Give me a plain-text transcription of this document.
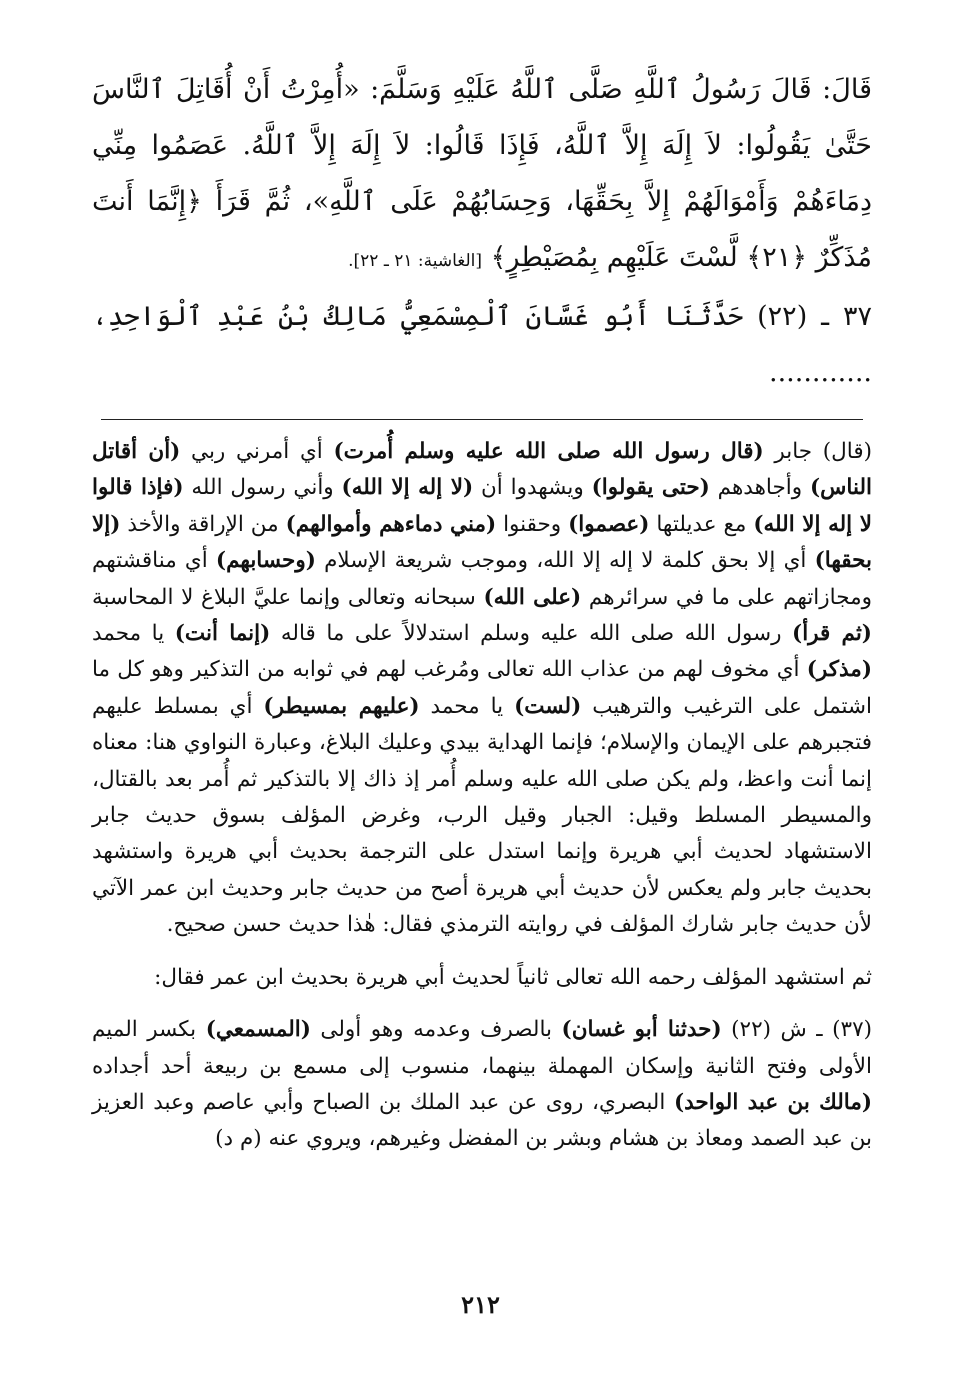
قَالَ: قَالَ رَسُولُ ٱللَّهِ صَلَّى ٱللَّهُ عَلَيْهِ وَسَلَّمَ: «أُمِرْتُ أَنْ أُقَاتِلَ ٱلنَّاسَ حَتَّىٰ يَقُولُوا: لاَ إِلَهَ إِلاَّ ٱللَّهُ، فَإِذَا قَالُوا: لاَ إِلَهَ إِلاَّ ٱللَّهُ. عَصَمُوا مِنِّي دِمَاءَهُمْ وَأَمْوَالَهُمْ إِلاَّ بِحَقِّهَا، وَحِسَابُهُمْ عَلَى ٱللَّهِ»، ثُمَّ قَرَأَ ﴿إِنَّمَا أَنتَ مُذَكِّرٌ ﴿٢١﴾ لَّسْتَ عَلَيْهِم بِمُصَيْطِرٍ﴾ [الغاشية: ٢١ ـ ٢٢].

٣٧ ـ (٢٢) حَدَّثَنَا أَبُو غَسَّانَ ٱلْمِسْمَعِيُّ مَالِكُ بْنُ عَبْدِ ٱلْوَاحِدِ، ............

(قال) جابر (قال رسول الله صلى الله عليه وسلم أُمرت) أي أمرني ربي (أن أقاتل الناس) وأجاهدهم (حتى يقولوا) ويشهدوا أن (لا إله إلا الله) وأني رسول الله (فإذا قالوا لا إله إلا الله) مع عديلتها (عصموا) وحقنوا (مني دماءهم وأموالهم) من الإراقة والأخذ (إلا بحقها) أي إلا بحق كلمة لا إله إلا الله، وموجب شريعة الإسلام (وحسابهم) أي مناقشتهم ومجازاتهم على ما في سرائرهم (على الله) سبحانه وتعالى وإنما عليَّ البلاغ لا المحاسبة (ثم قرأ) رسول الله صلى الله عليه وسلم استدلالاً على ما قاله (إنما أنت) يا محمد (مذكر) أي مخوف لهم من عذاب الله تعالى ومُرغب لهم في ثوابه من التذكير وهو كل ما اشتمل على الترغيب والترهيب (لست) يا محمد (عليهم بمسيطر) أي بمسلط عليهم فتجبرهم على الإيمان والإسلام؛ فإنما الهداية بيدي وعليك البلاغ، وعبارة النواوي هنا: معناه إنما أنت واعظ، ولم يكن صلى الله عليه وسلم أُمر إذ ذاك إلا بالتذكير ثم أُمر بعد بالقتال، والمسيطر المسلط وقيل: الجبار وقيل الرب، وغرض المؤلف بسوق حديث جابر الاستشهاد لحديث أبي هريرة وإنما استدل على الترجمة بحديث أبي هريرة واستشهد بحديث جابر ولم يعكس لأن حديث أبي هريرة أصح من حديث جابر وحديث ابن عمر الآتي لأن حديث جابر شارك المؤلف في روايته الترمذي فقال: هٰذا حديث حسن صحيح.

ثم استشهد المؤلف رحمه الله تعالى ثانياً لحديث أبي هريرة بحديث ابن عمر فقال:

(٣٧) ـ ش (٢٢) (حدثنا أبو غسان) بالصرف وعدمه وهو أولى (المسمعي) بكسر الميم الأولى وفتح الثانية وإسكان المهملة بينهما، منسوب إلى مسمع بن ربيعة أحد أجداده (مالك بن عبد الواحد) البصري، روى عن عبد الملك بن الصباح وأبي عاصم وعبد العزيز بن عبد الصمد ومعاذ بن هشام وبشر بن المفضل وغيرهم، ويروي عنه (م د)

٢١٢
